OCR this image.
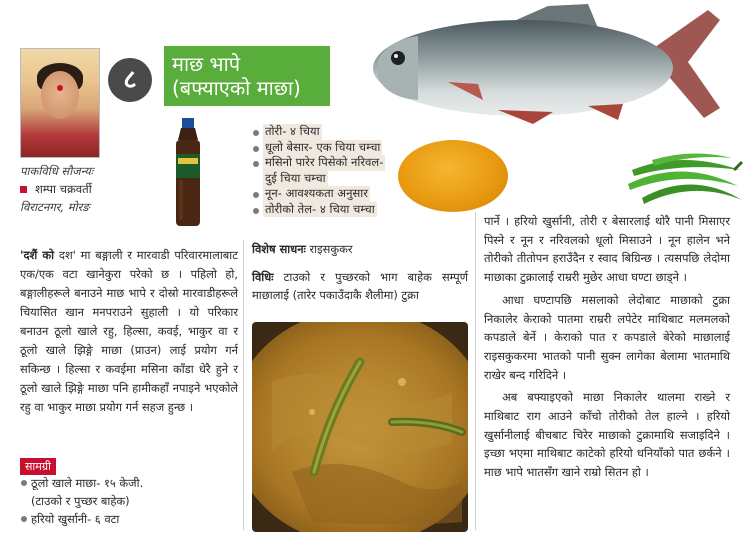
८
माछ भापे
(बफ्याएको माछा)
तोरी- ४ चिया
धूलो बेसार- एक चिया चम्चा
मसिनो पारेर पिसेको नरिवल-
दुई चिया चम्चा
नून- आवश्यकता अनुसार
तोरीको तेल- ४ चिया चम्चा
पाकविधि सौजन्यः
शम्पा चक्रवर्ती
विराटनगर, मोरङ
'दशैं को दश' मा बङ्गाली र मारवाडी परिवारमालाबाट एक/एक वटा खानेकुरा परेको छ । पहिलो हो, बङ्गालीहरूले बनाउने माछ भापे र दोस्रो मारवाडीहरूले चियासित खान मनपराउने सुहाली । यो परिकार बनाउन ठूलो खाले रहु, हिल्सा, कवई, भाकुर वा र ठूलो खाले झिङ्गे माछा (प्राउन) लाई प्रयोग गर्न सकिन्छ । हिल्सा र कवईमा मसिना काँडा धेरै हुने र ठूलो खाले झिङ्गे माछा पनि हामीकहाँ नपाइने भएकोले रहु वा भाकुर माछा प्रयोग गर्न सहज हुन्छ ।
सामग्री
ठूलो खाले माछा- १५ केजी.
(टाउको र पुच्छर बाहेक)
हरियो खुर्सानी- ६ वटा
विशेष साधनः राइसकुकर
विधिः टाउको र पुच्छरको भाग बाहेक सम्पूर्ण माछालाई (तारेर पकाउँदाकै शैलीमा) टुक्रा

पार्ने । हरियो खुर्सानी, तोरी र बेसारलाई थोरै पानी मिसाएर पिस्ने र नून र नरिवलको धूलो मिसाउने । नून हालेन भने तोरीको तीतोपन हराउँदैन र स्वाद बिग्रिन्छ । त्यसपछि लेदोमा माछाका टुक्रालाई राम्ररी मुछेर आधा घण्टा छाड्ने ।

आधा घण्टापछि मसलाको लेदोबाट माछाको टुक्रा निकालेर केराको पातमा राम्ररी लपेटेर माथिबाट मलमलको कपडाले बेर्ने । केराको पात र कपडाले बेरेको माछालाई राइसकुकरमा भातको पानी सुक्न लागेका बेलामा भातमाथि राखेर बन्द गरिदिने ।

अब बफ्याइएको माछा निकालेर थालमा राख्ने र माथिबाट राग आउने काँचो तोरीको तेल हाल्ने । हरियो खुर्सानीलाई बीचबाट चिरेर माछाको टुक्रामाथि सजाइदिने । इच्छा भएमा माथिबाट काटेको हरियो धनियाँको पात छर्कने । माछ भापे भातसँग खाने राम्रो सितन हो ।
